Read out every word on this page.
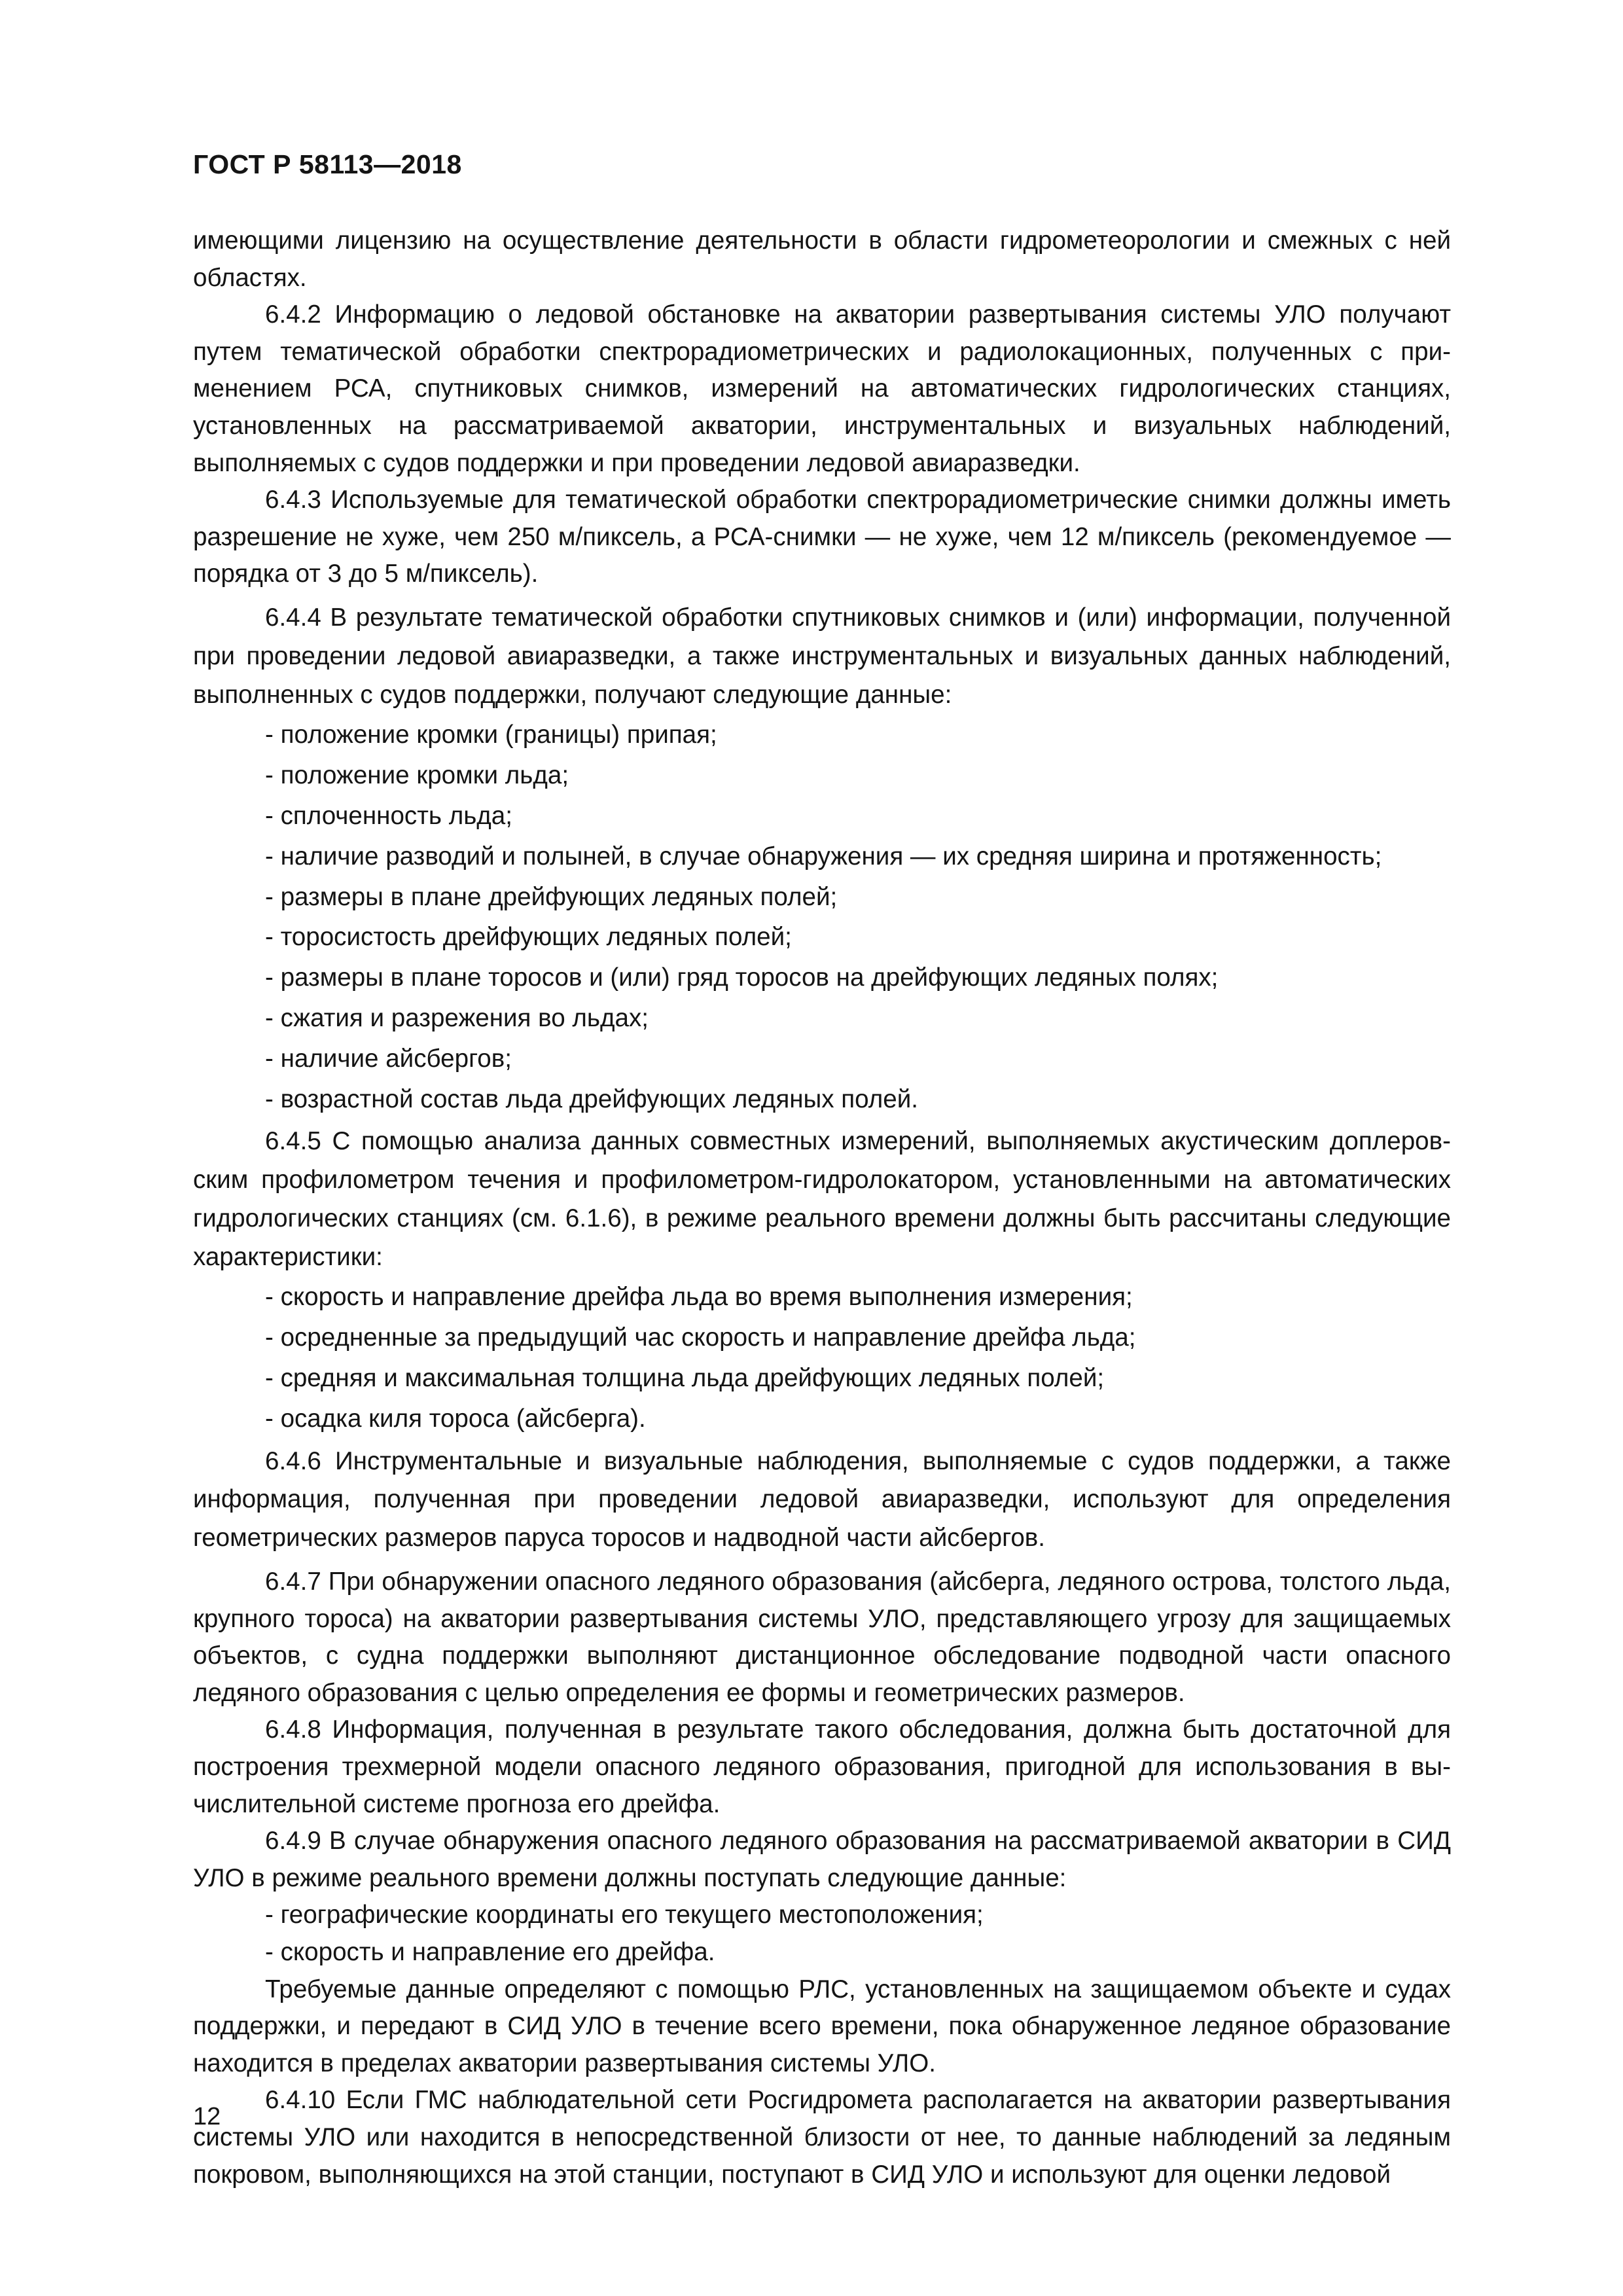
ГОСТ Р 58113—2018

имеющими лицензию на осуществление деятельности в области гидрометеорологии и смежных с ней областях.

6.4.2 Информацию о ледовой обстановке на акватории развертывания системы УЛО получают путем тематической обработки спектрорадиометрических и радиолокационных, полученных с применением РСА, спутниковых снимков, измерений на автоматических гидрологических станциях, установленных на рассматриваемой акватории, инструментальных и визуальных наблюдений, выполняемых с судов поддержки и при проведении ледовой авиаразведки.

6.4.3 Используемые для тематической обработки спектрорадиометрические снимки должны иметь разрешение не хуже, чем 250 м/пиксель, а РСА-снимки — не хуже, чем 12 м/пиксель (рекомендуемое — порядка от 3 до 5 м/пиксель).

6.4.4 В результате тематической обработки спутниковых снимков и (или) информации, полученной при проведении ледовой авиаразведки, а также инструментальных и визуальных данных наблюдений, выполненных с судов поддержки, получают следующие данные:

- положение кромки (границы) припая;

- положение кромки льда;

- сплоченность льда;

- наличие разводий и полыней, в случае обнаружения — их средняя ширина и протяженность;

- размеры в плане дрейфующих ледяных полей;

- торосистость дрейфующих ледяных полей;

- размеры в плане торосов и (или) гряд торосов на дрейфующих ледяных полях;

- сжатия и разрежения во льдах;

- наличие айсбергов;

- возрастной состав льда дрейфующих ледяных полей.

6.4.5 С помощью анализа данных совместных измерений, выполняемых акустическим доплеровским профилометром течения и профилометром-гидролокатором, установленными на автоматических гидрологических станциях (см. 6.1.6), в режиме реального времени должны быть рассчитаны следующие характеристики:

- скорость и направление дрейфа льда во время выполнения измерения;

- осредненные за предыдущий час скорость и направление дрейфа льда;

- средняя и максимальная толщина льда дрейфующих ледяных полей;

- осадка киля тороса (айсберга).

6.4.6 Инструментальные и визуальные наблюдения, выполняемые с судов поддержки, а также информация, полученная при проведении ледовой авиаразведки, используют для определения геометрических размеров паруса торосов и надводной части айсбергов.

6.4.7 При обнаружении опасного ледяного образования (айсберга, ледяного острова, толстого льда, крупного тороса) на акватории развертывания системы УЛО, представляющего угрозу для защищаемых объектов, с судна поддержки выполняют дистанционное обследование подводной части опасного ледяного образования с целью определения ее формы и геометрических размеров.

6.4.8 Информация, полученная в результате такого обследования, должна быть достаточной для построения трехмерной модели опасного ледяного образования, пригодной для использования в вычислительной системе прогноза его дрейфа.

6.4.9 В случае обнаружения опасного ледяного образования на рассматриваемой акватории в СИД УЛО в режиме реального времени должны поступать следующие данные:

- географические координаты его текущего местоположения;

- скорость и направление его дрейфа.

Требуемые данные определяют с помощью РЛС, установленных на защищаемом объекте и судах поддержки, и передают в СИД УЛО в течение всего времени, пока обнаруженное ледяное образование находится в пределах акватории развертывания системы УЛО.

6.4.10 Если ГМС наблюдательной сети Росгидромета располагается на акватории развертывания системы УЛО или находится в непосредственной близости от нее, то данные наблюдений за ледяным покровом, выполняющихся на этой станции, поступают в СИД УЛО и используют для оценки ледовой

12
